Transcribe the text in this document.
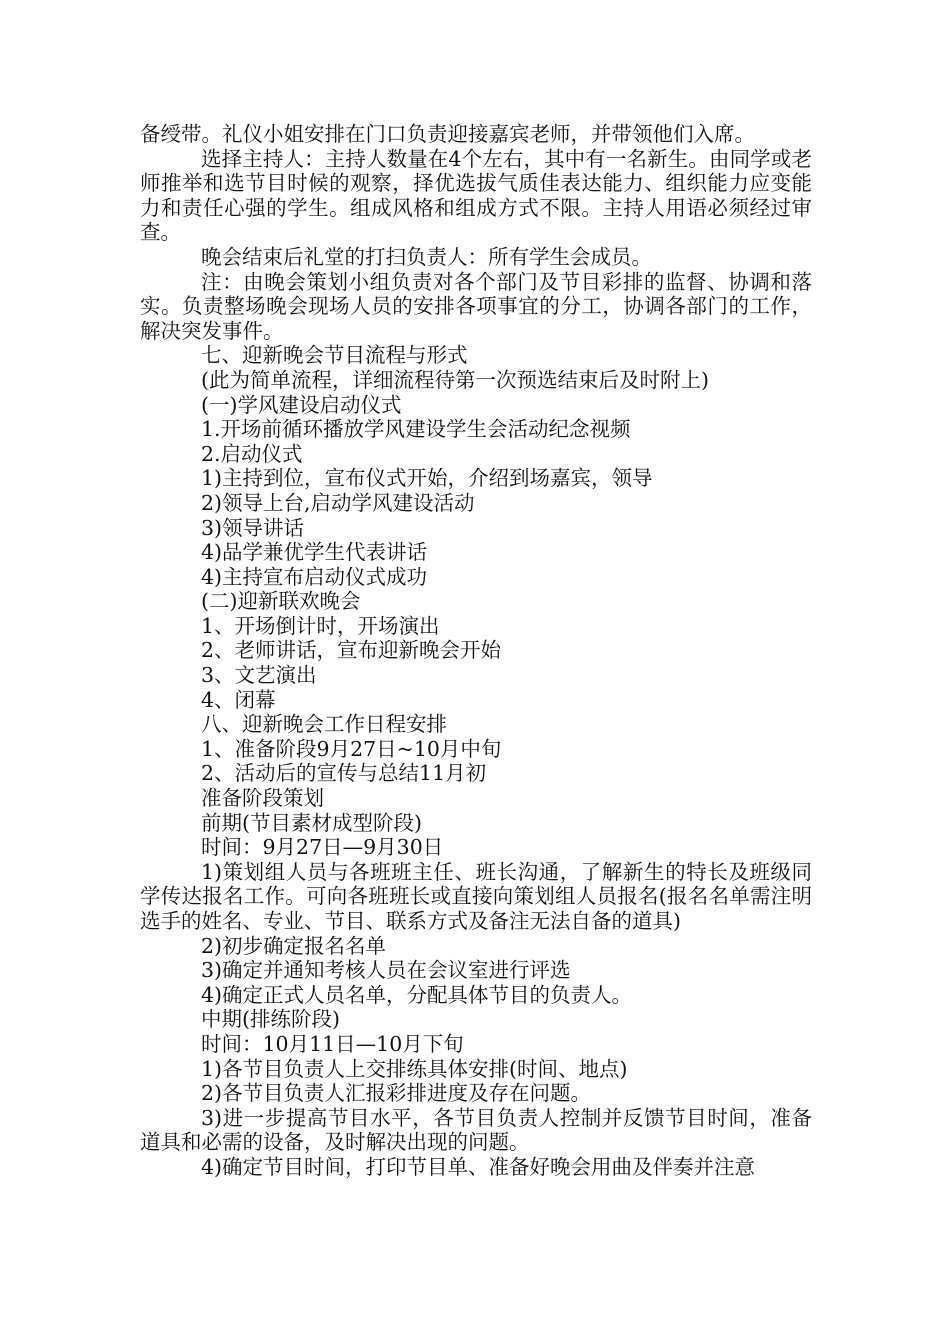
备绶带。礼仪小姐安排在门口负责迎接嘉宾老师，并带领他们入席。

选择主持人：主持人数量在4个左右，其中有一名新生。由同学或老师推举和选节目时候的观察，择优选拔气质佳表达能力、组织能力应变能力和责任心强的学生。组成风格和组成方式不限。主持人用语必须经过审查。

晚会结束后礼堂的打扫负责人：所有学生会成员。

注：由晚会策划小组负责对各个部门及节目彩排的监督、协调和落实。负责整场晚会现场人员的安排各项事宜的分工，协调各部门的工作，解决突发事件。

七、迎新晚会节目流程与形式

(此为简单流程，详细流程待第一次预选结束后及时附上)

(一)学风建设启动仪式

1.开场前循环播放学风建设学生会活动纪念视频

2.启动仪式

1)主持到位，宣布仪式开始，介绍到场嘉宾，领导

2)领导上台,启动学风建设活动

3)领导讲话

4)品学兼优学生代表讲话

4)主持宣布启动仪式成功

(二)迎新联欢晚会

1、开场倒计时，开场演出

2、老师讲话，宣布迎新晚会开始

3、文艺演出

4、闭幕

八、迎新晚会工作日程安排

1、准备阶段9月27日~10月中旬

2、活动后的宣传与总结11月初

准备阶段策划

前期(节目素材成型阶段)

时间：9月27日—9月30日

1)策划组人员与各班班主任、班长沟通，了解新生的特长及班级同学传达报名工作。可向各班班长或直接向策划组人员报名(报名名单需注明选手的姓名、专业、节目、联系方式及备注无法自备的道具)

2)初步确定报名名单

3)确定并通知考核人员在会议室进行评选

4)确定正式人员名单，分配具体节目的负责人。

中期(排练阶段)

时间：10月11日—10月下旬

1)各节目负责人上交排练具体安排(时间、地点)

2)各节目负责人汇报彩排进度及存在问题。

3)进一步提高节目水平，各节目负责人控制并反馈节目时间，准备道具和必需的设备，及时解决出现的问题。

4)确定节目时间，打印节目单、准备好晚会用曲及伴奏并注意
